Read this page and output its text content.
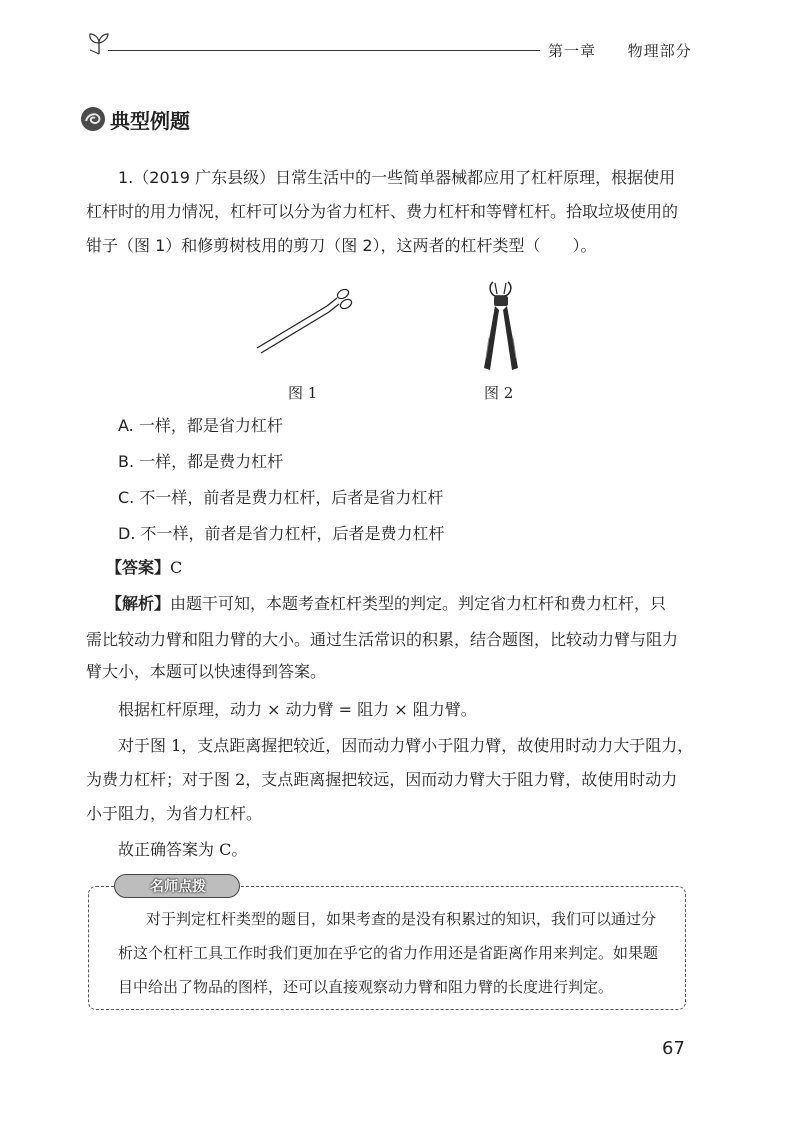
第一章 物理部分
典型例题
1.（2019 广东县级）日常生活中的一些简单器械都应用了杠杆原理，根据使用
杠杆时的用力情况，杠杆可以分为省力杠杆、费力杠杆和等臂杠杆。拾取垃圾使用的
钳子（图 1）和修剪树枝用的剪刀（图 2），这两者的杠杆类型（　　）。
图 1	图 2
A. 一样，都是省力杠杆
B. 一样，都是费力杠杆
C. 不一样，前者是费力杠杆，后者是省力杠杆
D. 不一样，前者是省力杠杆，后者是费力杠杆
【答案】C
【解析】由题干可知，本题考查杠杆类型的判定。判定省力杠杆和费力杠杆，只
需比较动力臂和阻力臂的大小。通过生活常识的积累，结合题图，比较动力臂与阻力
臂大小，本题可以快速得到答案。
根据杠杆原理，动力 × 动力臂 = 阻力 × 阻力臂。
对于图 1，支点距离握把较近，因而动力臂小于阻力臂，故使用时动力大于阻力，
为费力杠杆；对于图 2，支点距离握把较远，因而动力臂大于阻力臂，故使用时动力
小于阻力，为省力杠杆。
故正确答案为 C。
名师点拨
对于判定杠杆类型的题目，如果考查的是没有积累过的知识，我们可以通过分
析这个杠杆工具工作时我们更加在乎它的省力作用还是省距离作用来判定。如果题
目中给出了物品的图样，还可以直接观察动力臂和阻力臂的长度进行判定。
67
